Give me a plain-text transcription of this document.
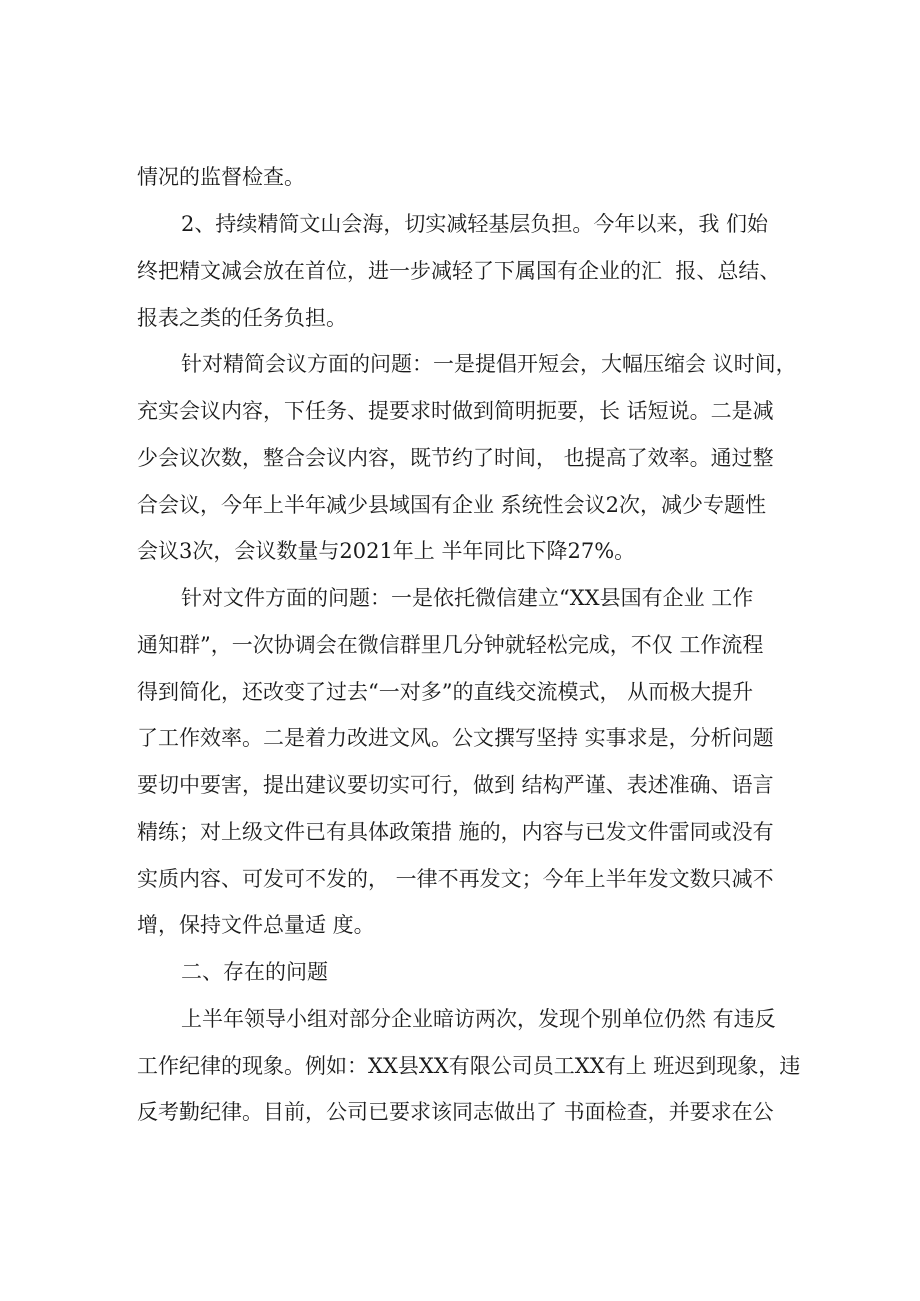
情况的监督检查。

2、持续精简文山会海，切实减轻基层负担。今年以来，我 们始

终把精文减会放在首位，进一步减轻了下属国有企业的汇  报、总结、

报表之类的任务负担。

针对精简会议方面的问题：一是提倡开短会，大幅压缩会 议时间，

充实会议内容，下任务、提要求时做到简明扼要，长 话短说。二是减

少会议次数，整合会议内容，既节约了时间， 也提高了效率。通过整

合会议，今年上半年减少县域国有企业 系统性会议2次，减少专题性

会议3次，会议数量与2021年上 半年同比下降27%。

针对文件方面的问题：一是依托微信建立“XX县国有企业 工作

通知群”，一次协调会在微信群里几分钟就轻松完成，不仅 工作流程

得到简化，还改变了过去“一对多”的直线交流模式， 从而极大提升

了工作效率。二是着力改进文风。公文撰写坚持 实事求是，分析问题

要切中要害，提出建议要切实可行，做到 结构严谨、表述准确、语言

精练；对上级文件已有具体政策措 施的，内容与已发文件雷同或没有

实质内容、可发可不发的， 一律不再发文；今年上半年发文数只减不

增，保持文件总量适 度。

二、存在的问题

上半年领导小组对部分企业暗访两次，发现个别单位仍然 有违反

工作纪律的现象。例如：XX县XX有限公司员工XX有上 班迟到现象，违

反考勤纪律。目前，公司已要求该同志做出了 书面检查，并要求在公
